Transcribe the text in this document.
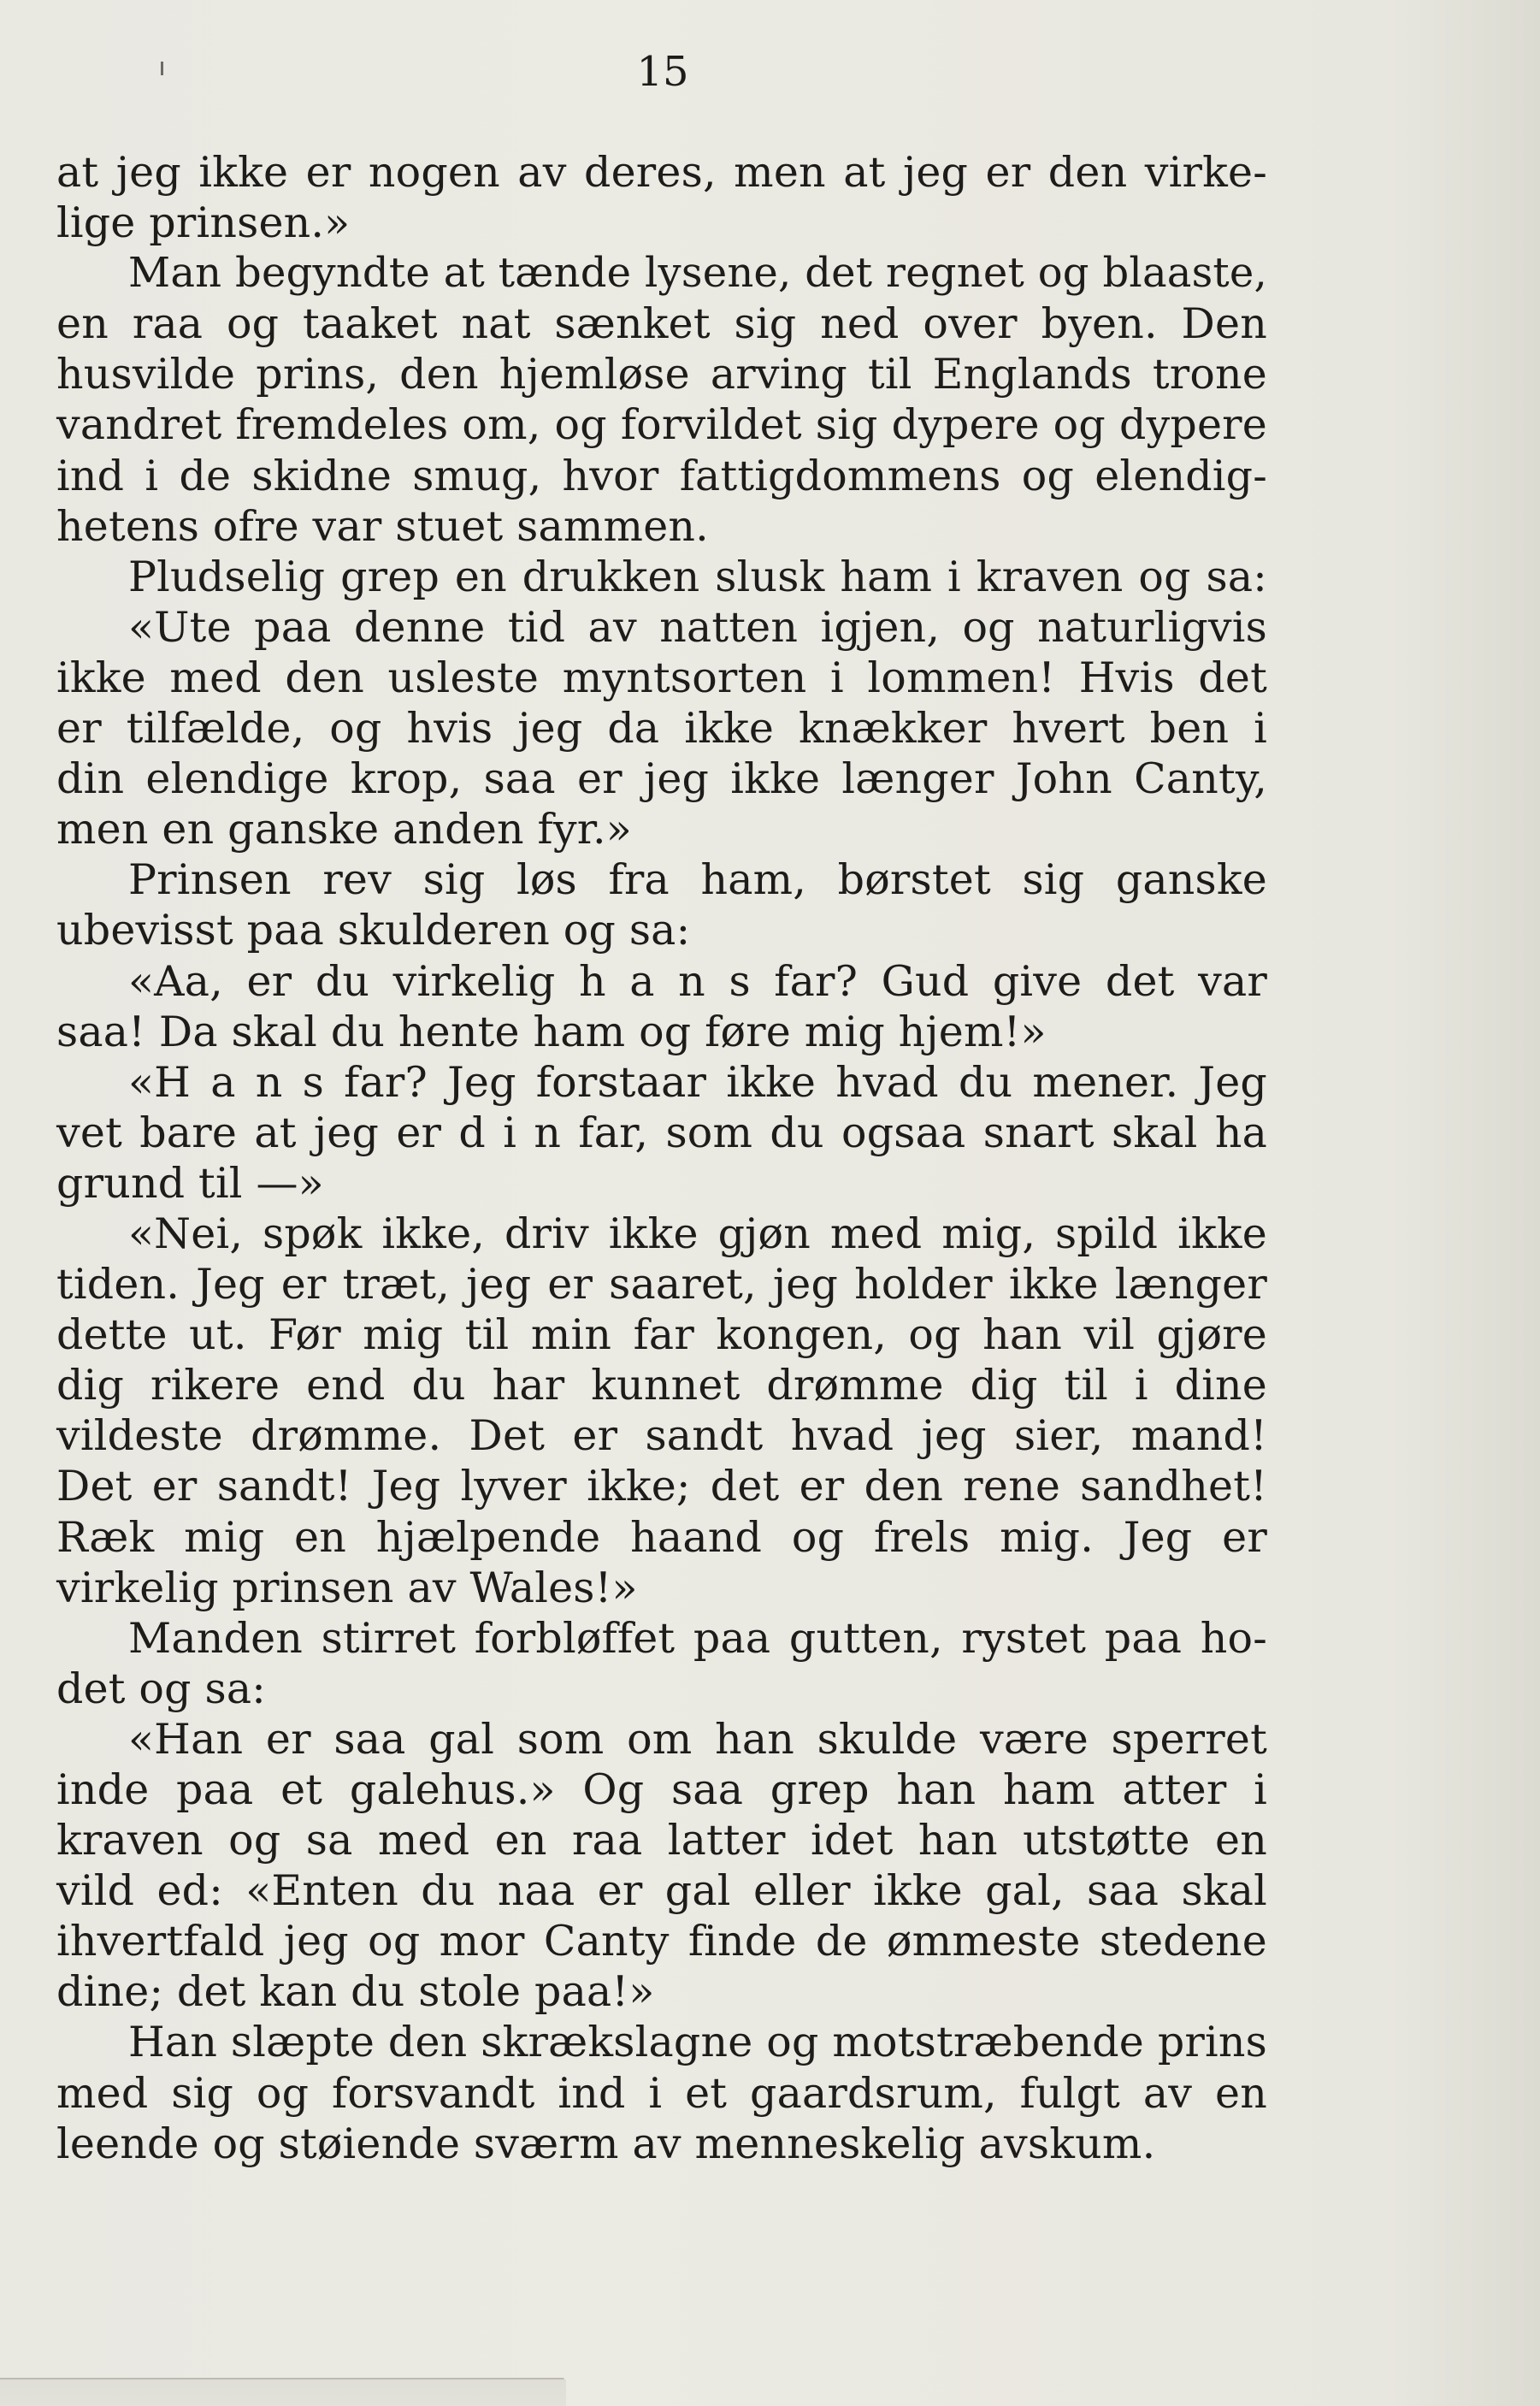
15
at jeg ikke er nogen av deres, men at jeg er den virke-
lige prinsen.»
Man begyndte at tænde lysene, det regnet og blaaste,
en raa og taaket nat sænket sig ned over byen. Den
husvilde prins, den hjemløse arving til Englands trone
vandret fremdeles om, og forvildet sig dypere og dypere
ind i de skidne smug, hvor fattigdommens og elendig-
hetens ofre var stuet sammen.
Pludselig grep en drukken slusk ham i kraven og sa:
«Ute paa denne tid av natten igjen, og naturligvis
ikke med den usleste myntsorten i lommen! Hvis det
er tilfælde, og hvis jeg da ikke knækker hvert ben i
din elendige krop, saa er jeg ikke længer John Canty,
men en ganske anden fyr.»
Prinsen rev sig løs fra ham, børstet sig ganske
ubevisst paa skulderen og sa:
«Aa, er du virkelig h a n s far? Gud give det var
saa! Da skal du hente ham og føre mig hjem!»
«H a n s far? Jeg forstaar ikke hvad du mener. Jeg
vet bare at jeg er d i n far, som du ogsaa snart skal ha
grund til —»
«Nei, spøk ikke, driv ikke gjøn med mig, spild ikke
tiden. Jeg er træt, jeg er saaret, jeg holder ikke længer
dette ut. Før mig til min far kongen, og han vil gjøre
dig rikere end du har kunnet drømme dig til i dine
vildeste drømme. Det er sandt hvad jeg sier, mand!
Det er sandt! Jeg lyver ikke; det er den rene sandhet!
Ræk mig en hjælpende haand og frels mig. Jeg er
virkelig prinsen av Wales!»
Manden stirret forbløffet paa gutten, rystet paa ho-
det og sa:
«Han er saa gal som om han skulde være sperret
inde paa et galehus.» Og saa grep han ham atter i
kraven og sa med en raa latter idet han utstøtte en
vild ed: «Enten du naa er gal eller ikke gal, saa skal
ihvertfald jeg og mor Canty finde de ømmeste stedene
dine; det kan du stole paa!»
Han slæpte den skrækslagne og motstræbende prins
med sig og forsvandt ind i et gaardsrum, fulgt av en
leende og støiende sværm av menneskelig avskum.
